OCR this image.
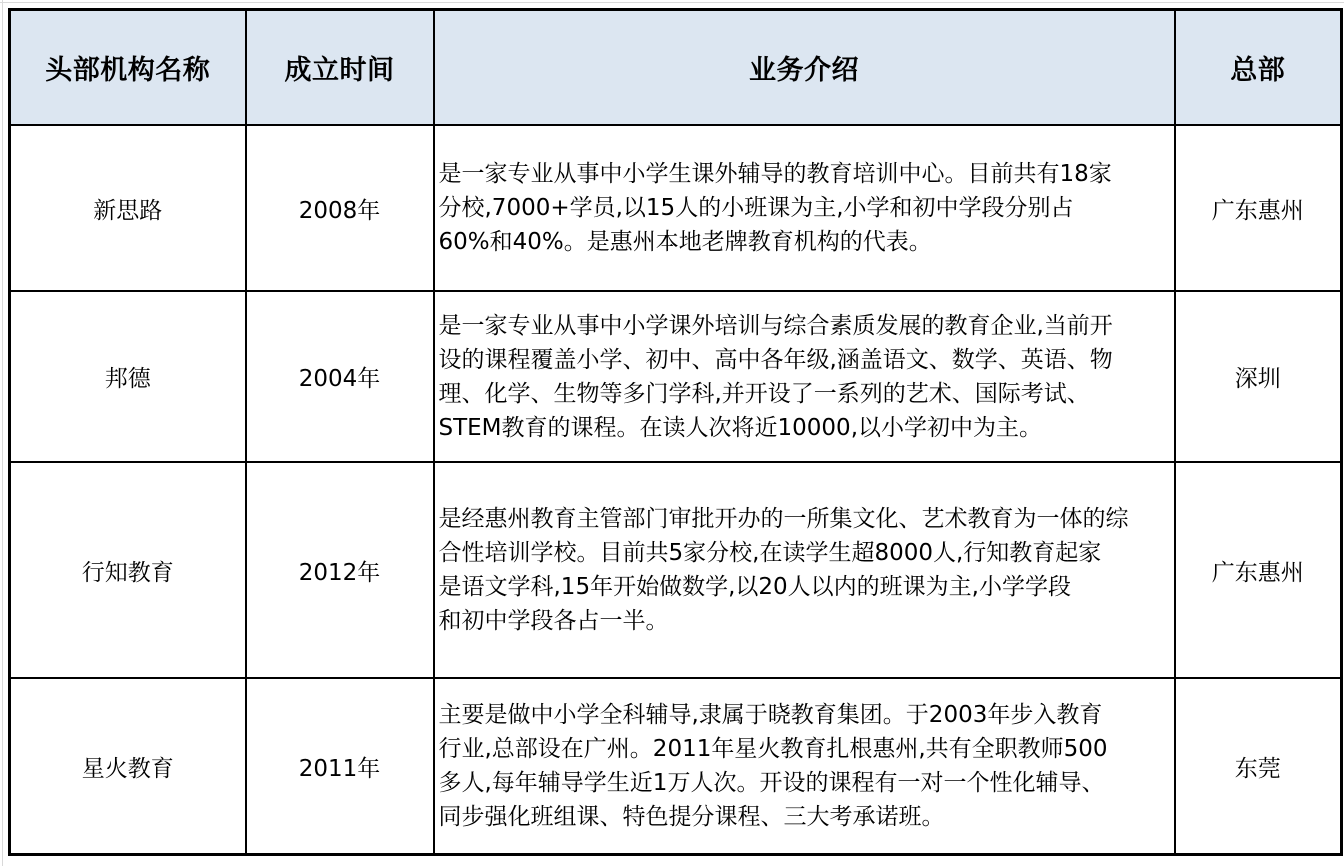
头部机构名称	成立时间	业务介绍	总部
新思路	2008年	是一家专业从事中小学生课外辅导的教育培训中心。目前共有18家
分校,7000+学员,以15人的小班课为主,小学和初中学段分别占
60%和40%。是惠州本地老牌教育机构的代表。	广东惠州
邦德	2004年	是一家专业从事中小学课外培训与综合素质发展的教育企业,当前开
设的课程覆盖小学、初中、高中各年级,涵盖语文、数学、英语、物
理、化学、生物等多门学科,并开设了一系列的艺术、国际考试、
STEM教育的课程。在读人次将近10000,以小学初中为主。	深圳
行知教育	2012年	是经惠州教育主管部门审批开办的一所集文化、艺术教育为一体的综
合性培训学校。目前共5家分校,在读学生超8000人,行知教育起家
是语文学科,15年开始做数学,以20人以内的班课为主,小学学段
和初中学段各占一半。	广东惠州
星火教育	2011年	主要是做中小学全科辅导,隶属于晓教育集团。于2003年步入教育
行业,总部设在广州。2011年星火教育扎根惠州,共有全职教师500
多人,每年辅导学生近1万人次。开设的课程有一对一个性化辅导、
同步强化班组课、特色提分课程、三大考承诺班。	东莞
